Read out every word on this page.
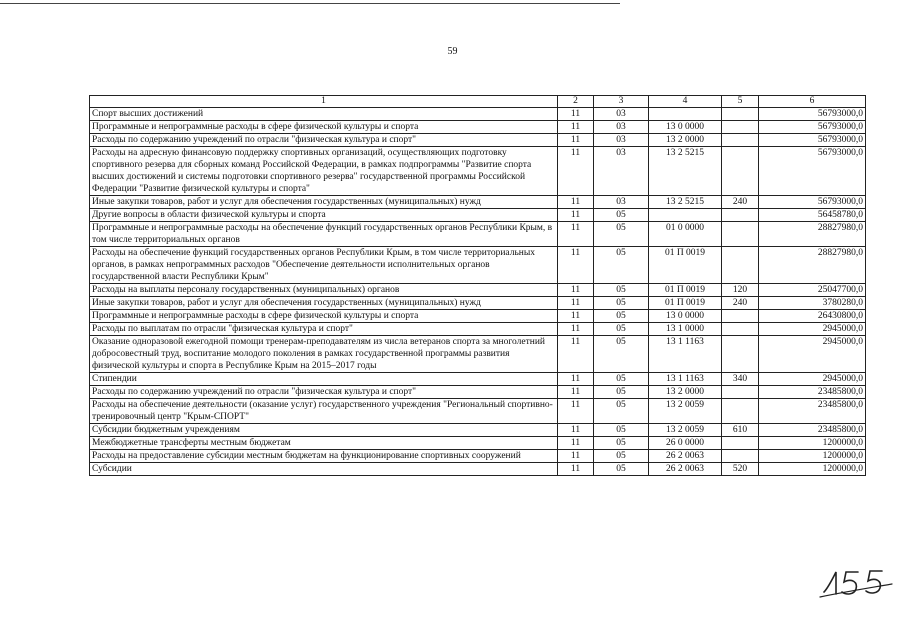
59
1	2	3	4	5	6
Спорт высших достижений	11	03			56793000,0
Программные и непрограммные расходы в сфере физической культуры и спорта	11	03	13 0 0000		56793000,0
Расходы по содержанию учреждений по отрасли "физическая культура и спорт"	11	03	13 2 0000		56793000,0
Расходы на адресную финансовую поддержку спортивных организаций, осуществляющих подготовку спортивного резерва для сборных команд Российской Федерации, в рамках подпрограммы "Развитие спорта высших достижений и системы подготовки спортивного резерва" государственной программы Российской Федерации "Развитие физической культуры и спорта"	11	03	13 2 5215		56793000,0
Иные закупки товаров, работ и услуг для обеспечения государственных (муниципальных) нужд	11	03	13 2 5215	240	56793000,0
Другие вопросы в области физической культуры и спорта	11	05			56458780,0
Программные и непрограммные расходы на обеспечение функций государственных органов Республики Крым, в том числе территориальных органов	11	05	01 0 0000		28827980,0
Расходы на обеспечение функций государственных органов Республики Крым, в том числе территориальных органов, в рамках непрограммных расходов "Обеспечение деятельности исполнительных органов государственной власти Республики Крым"	11	05	01 П 0019		28827980,0
Расходы на выплаты персоналу государственных (муниципальных) органов	11	05	01 П 0019	120	25047700,0
Иные закупки товаров, работ и услуг для обеспечения государственных (муниципальных) нужд	11	05	01 П 0019	240	3780280,0
Программные и непрограммные расходы в сфере физической культуры и спорта	11	05	13 0 0000		26430800,0
Расходы по выплатам по отрасли "физическая культура и спорт"	11	05	13 1 0000		2945000,0
Оказание одноразовой ежегодной помощи тренерам-преподавателям из числа ветеранов спорта за многолетний добросовестный труд, воспитание молодого поколения в рамках государственной программы развития физической культуры и спорта в Республике Крым на 2015–2017 годы	11	05	13 1 1163		2945000,0
Стипендии	11	05	13 1 1163	340	2945000,0
Расходы по содержанию учреждений по отрасли "физическая культура и спорт"	11	05	13 2 0000		23485800,0
Расходы на обеспечение деятельности (оказание услуг) государственного учреждения "Региональный спортивно-тренировочный центр "Крым-СПОРТ"	11	05	13 2 0059		23485800,0
Субсидии бюджетным учреждениям	11	05	13 2 0059	610	23485800,0
Межбюджетные трансферты местным бюджетам	11	05	26 0 0000		1200000,0
Расходы на предоставление субсидии местным бюджетам на функционирование спортивных сооружений	11	05	26 2 0063		1200000,0
Субсидии	11	05	26 2 0063	520	1200000,0
